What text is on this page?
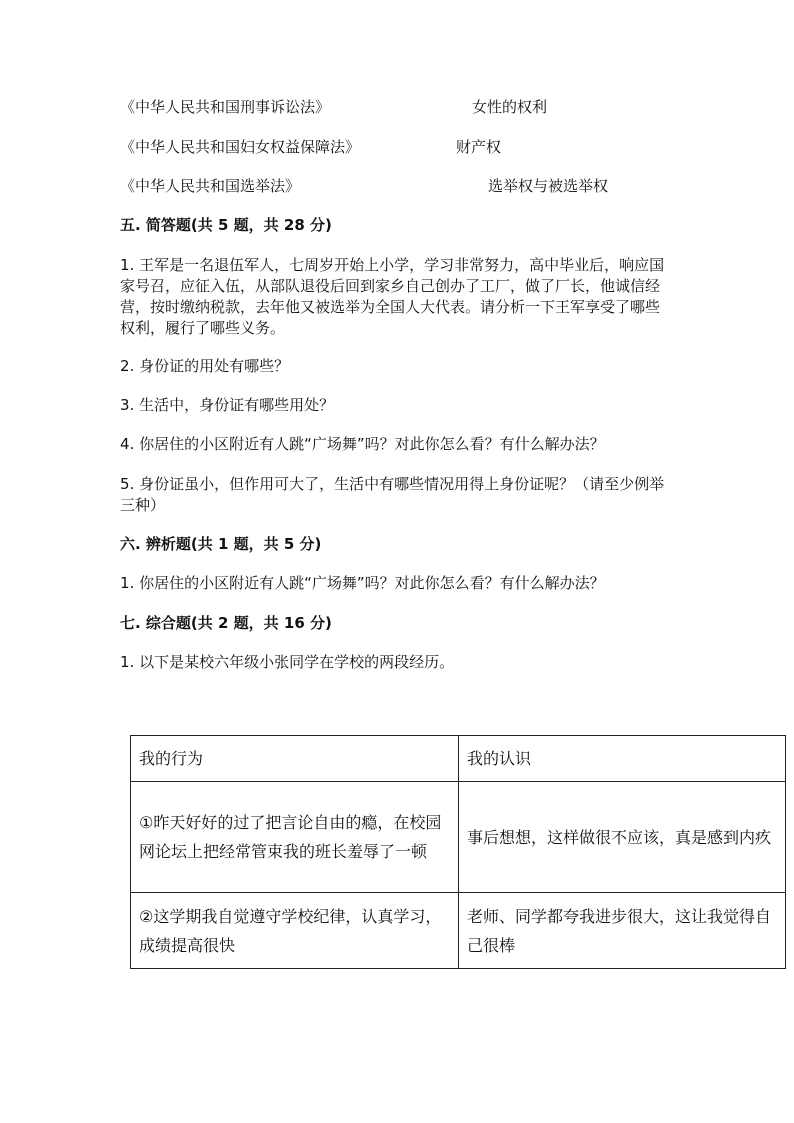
《中华人民共和国刑事诉讼法》	女性的权利
《中华人民共和国妇女权益保障法》	财产权
《中华人民共和国选举法》	选举权与被选举权
五. 简答题(共 5 题，共 28 分)
1. 王军是一名退伍军人，七周岁开始上小学，学习非常努力，高中毕业后，响应国家号召，应征入伍，从部队退役后回到家乡自己创办了工厂，做了厂长，他诚信经营，按时缴纳税款，去年他又被选举为全国人大代表。请分析一下王军享受了哪些权利，履行了哪些义务。
2. 身份证的用处有哪些？
3. 生活中，身份证有哪些用处？
4. 你居住的小区附近有人跳“广场舞”吗？对此你怎么看？有什么解办法？
5. 身份证虽小，但作用可大了，生活中有哪些情况用得上身份证呢？（请至少例举三种）
六. 辨析题(共 1 题，共 5 分)
1. 你居住的小区附近有人跳“广场舞”吗？对此你怎么看？有什么解办法？
七. 综合题(共 2 题，共 16 分)
1. 以下是某校六年级小张同学在学校的两段经历。
我的行为	我的认识
①昨天好好的过了把言论自由的瘾，在校园网论坛上把经常管束我的班长羞辱了一顿	事后想想，这样做很不应该，真是感到内疚
②这学期我自觉遵守学校纪律，认真学习，成绩提高很快	老师、同学都夸我进步很大，这让我觉得自己很棒
